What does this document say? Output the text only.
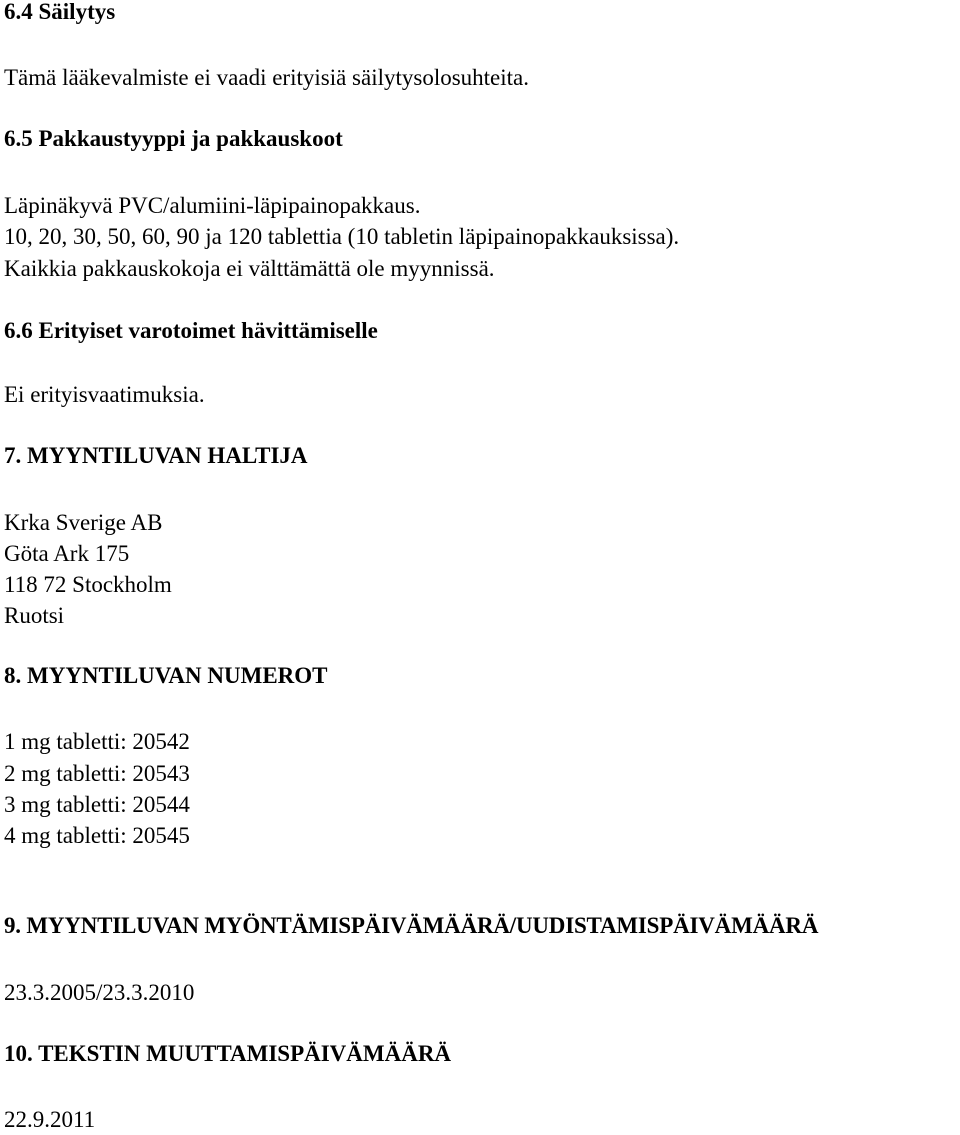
6.4 Säilytys
Tämä lääkevalmiste ei vaadi erityisiä säilytysolosuhteita.
6.5 Pakkaustyyppi ja pakkauskoot
Läpinäkyvä PVC/alumiini-läpipainopakkaus.
10, 20, 30, 50, 60, 90 ja 120 tablettia (10 tabletin läpipainopakkauksissa).
Kaikkia pakkauskokoja ei välttämättä ole myynnissä.
6.6 Erityiset varotoimet hävittämiselle
Ei erityisvaatimuksia.
7. MYYNTILUVAN HALTIJA
Krka Sverige AB
Göta Ark 175
118 72 Stockholm
Ruotsi
8. MYYNTILUVAN NUMEROT
1 mg tabletti: 20542
2 mg tabletti: 20543
3 mg tabletti: 20544
4 mg tabletti: 20545
9. MYYNTILUVAN MYÖNTÄMISPÄIVÄMÄÄRÄ/UUDISTAMISPÄIVÄMÄÄRÄ
23.3.2005/23.3.2010
10. TEKSTIN MUUTTAMISPÄIVÄMÄÄRÄ
22.9.2011
